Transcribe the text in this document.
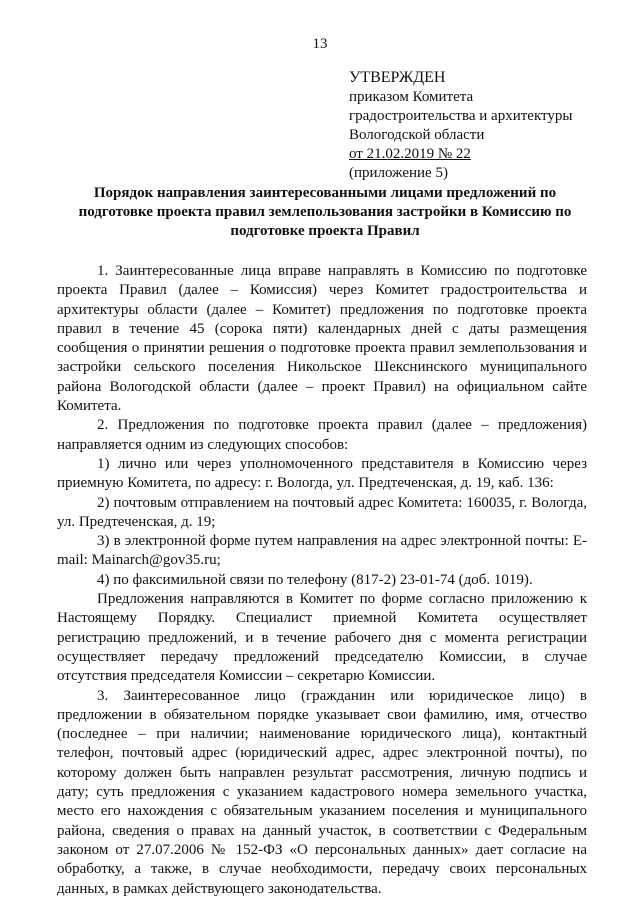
13
УТВЕРЖДЕН
приказом Комитета
градостроительства и архитектуры
Вологодской области
от 21.02.2019 № 22
(приложение 5)
Порядок направления заинтересованными лицами предложений по подготовке проекта правил землепользования застройки в Комиссию по подготовке проекта Правил

1. Заинтересованные лица вправе направлять в Комиссию по подготовке проекта Правил (далее – Комиссия) через Комитет градостроительства и архитектуры области (далее – Комитет) предложения по подготовке проекта правил в течение 45 (сорока пяти) календарных дней с даты размещения сообщения о принятии решения о подготовке проекта правил землепользования и застройки сельского поселения Никольское Шекснинского муниципального района Вологодской области (далее – проект Правил) на официальном сайте Комитета.

2. Предложения по подготовке проекта правил (далее – предложения) направляется одним из следующих способов:

1) лично или через уполномоченного представителя в Комиссию через приемную Комитета, по адресу: г. Вологда, ул. Предтеченская, д. 19, каб. 136:

2) почтовым отправлением на почтовый адрес Комитета: 160035, г. Вологда, ул. Предтеченская, д. 19;

3) в электронной форме путем направления на адрес электронной почты: E-mail: Mainarch@gov35.ru;

4) по факсимильной связи по телефону (817-2) 23-01-74 (доб. 1019).

Предложения направляются в Комитет по форме согласно приложению к Настоящему Порядку. Специалист приемной Комитета осуществляет регистрацию предложений, и в течение рабочего дня с момента регистрации осуществляет передачу предложений председателю Комиссии, в случае отсутствия председателя Комиссии – секретарю Комиссии.

3. Заинтересованное лицо (гражданин или юридическое лицо) в предложении в обязательном порядке указывает свои фамилию, имя, отчество (последнее – при наличии; наименование юридического лица), контактный телефон, почтовый адрес (юридический адрес, адрес электронной почты), по которому должен быть направлен результат рассмотрения, личную подпись и дату; суть предложения с указанием кадастрового номера земельного участка, место его нахождения с обязательным указанием поселения и муниципального района, сведения о правах на данный участок, в соответствии с Федеральным законом от 27.07.2006 № 152-ФЗ «О персональных данных» дает согласие на обработку, а также, в случае необходимости, передачу своих персональных данных, в рамках действующего законодательства.
